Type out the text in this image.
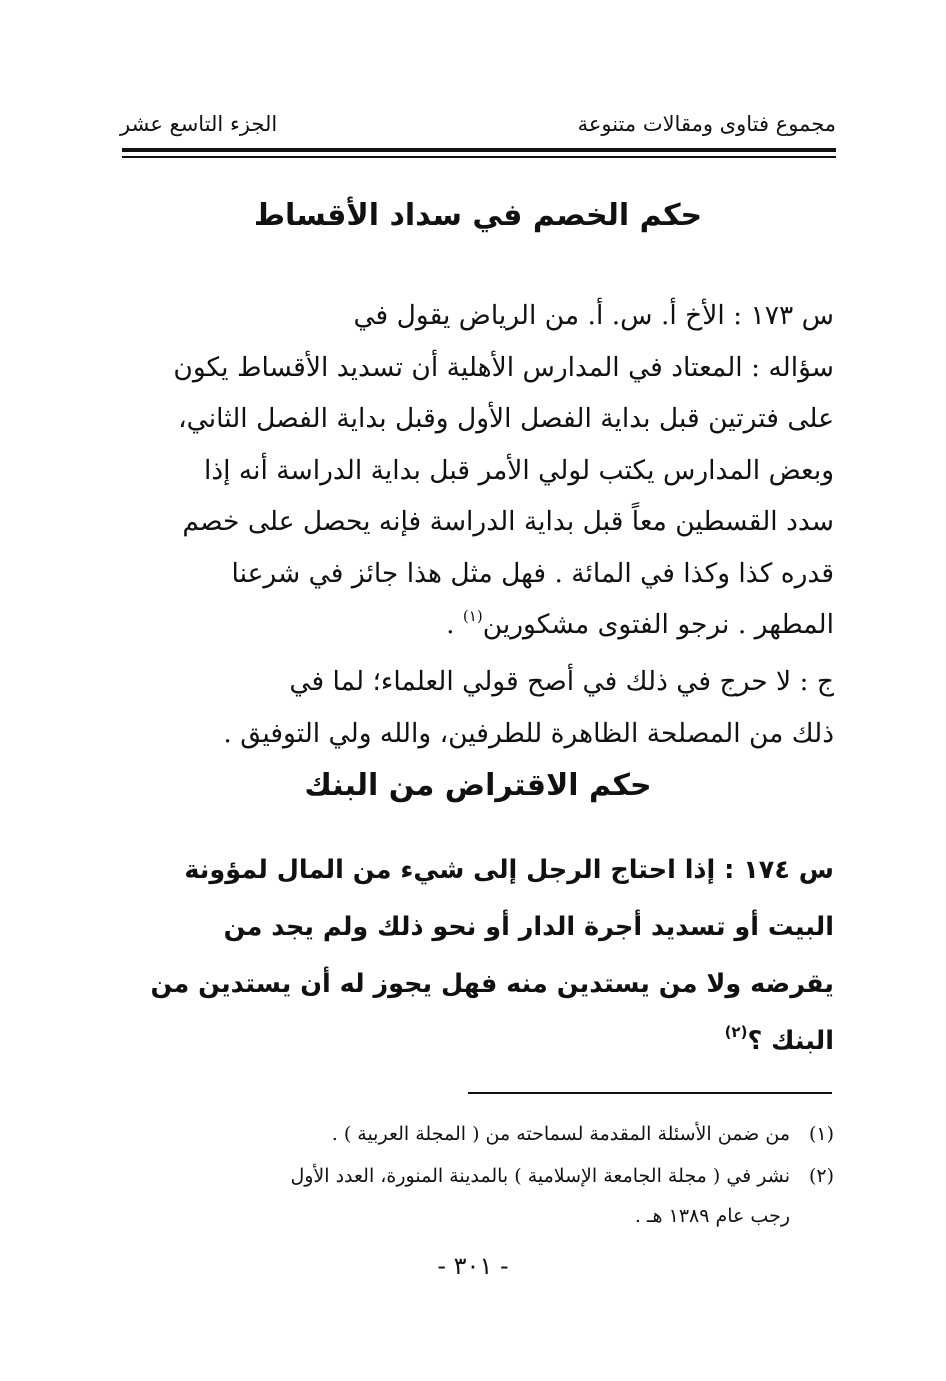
مجموع فتاوى ومقالات متنوعة
الجزء التاسع عشر
حكم الخصم في سداد الأقساط
س ١٧٣ : الأخ أ. س. أ. من الرياض يقول في
سؤاله : المعتاد في المدارس الأهلية أن تسديد الأقساط يكون
على فترتين قبل بداية الفصل الأول وقبل بداية الفصل الثاني،
وبعض المدارس يكتب لولي الأمر قبل بداية الدراسة أنه إذا
سدد القسطين معاً قبل بداية الدراسة فإنه يحصل على خصم
قدره كذا وكذا في المائة . فهل مثل هذا جائز في شرعنا
المطهر . نرجو الفتوى مشكورين$^{(١)}$ .
ج : لا حرج في ذلك في أصح قولي العلماء؛ لما في
ذلك من المصلحة الظاهرة للطرفين، والله ولي التوفيق .
حكم الاقتراض من البنك
س ١٧٤ : إذا احتاج الرجل إلى شيء من المال لمؤونة
البيت أو تسديد أجرة الدار أو نحو ذلك ولم يجد من
يقرضه ولا من يستدين منه فهل يجوز له أن يستدين من
البنك ؟$^{(٢)}$
(١)من ضمن الأسئلة المقدمة لسماحته من ( المجلة العربية ) .
(٢)نشر في ( مجلة الجامعة الإسلامية ) بالمدينة المنورة، العدد الأول
رجب عام ١٣٨٩ هـ .
- ٣٠١ -
